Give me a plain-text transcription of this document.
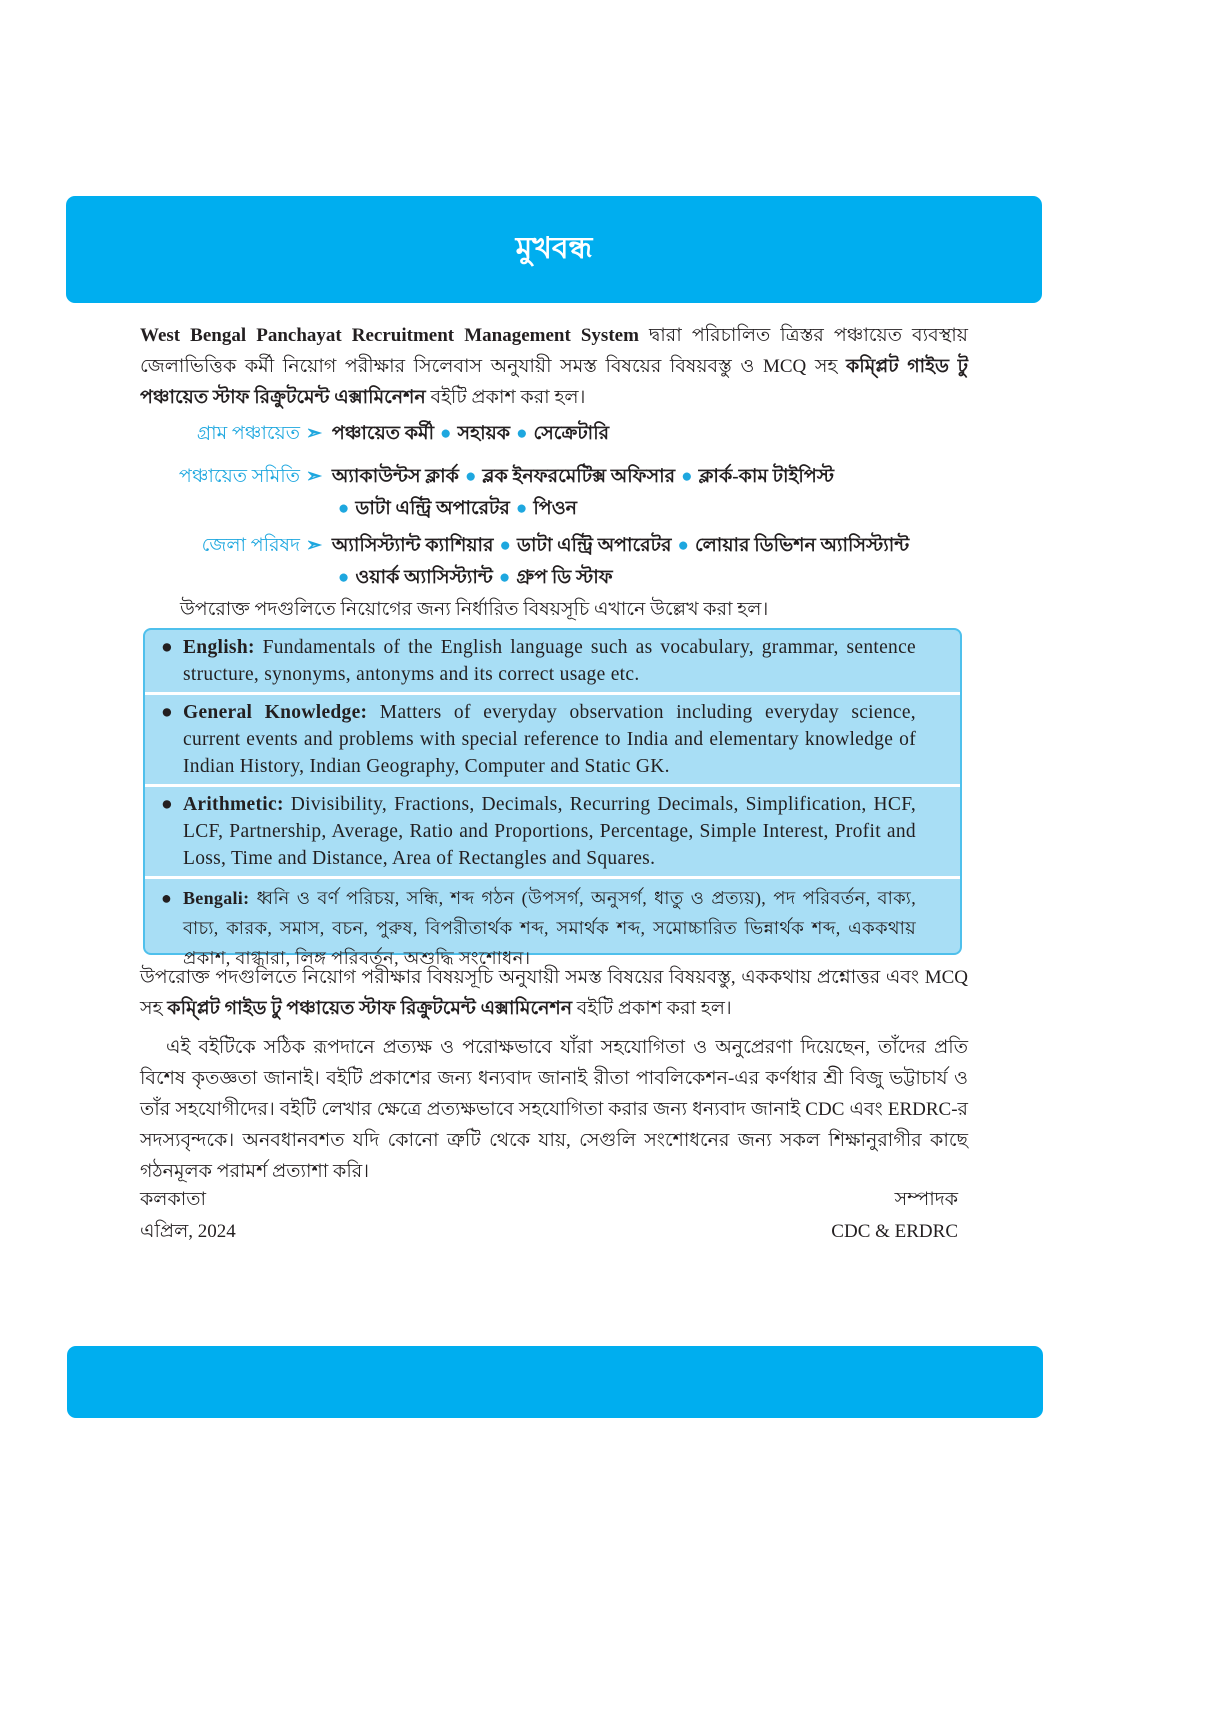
মুখবন্ধ
West Bengal Panchayat Recruitment Management System দ্বারা পরিচালিত ত্রিস্তর পঞ্চায়েত ব্যবস্থায় জেলাভিত্তিক কর্মী নিয়োগ পরীক্ষার সিলেবাস অনুযায়ী সমস্ত বিষয়ের বিষয়বস্তু ও MCQ সহ কম্প্লিট গাইড টু পঞ্চায়েত স্টাফ রিক্রুটমেন্ট এক্সামিনেশন বইটি প্রকাশ করা হল।
গ্রাম পঞ্চায়েত ➣ পঞ্চায়েত কর্মী ● সহায়ক ● সেক্রেটারি
পঞ্চায়েত সমিতি ➣ অ্যাকাউন্টস ক্লার্ক ● ব্লক ইনফরমেটিক্স অফিসার ● ক্লার্ক-কাম টাইপিস্ট
● ডাটা এন্ট্রি অপারেটর ● পিওন
জেলা পরিষদ ➣ অ্যাসিস্ট্যান্ট ক্যাশিয়ার ● ডাটা এন্ট্রি অপারেটর ● লোয়ার ডিভিশন অ্যাসিস্ট্যান্ট
● ওয়ার্ক অ্যাসিস্ট্যান্ট ● গ্রুপ ডি স্টাফ
উপরোক্ত পদগুলিতে নিয়োগের জন্য নির্ধারিত বিষয়সূচি এখানে উল্লেখ করা হল।
● English: Fundamentals of the English language such as vocabulary, grammar, sentence structure, synonyms, antonyms and its correct usage etc.
● General Knowledge: Matters of everyday observation including everyday science, current events and problems with special reference to India and elementary knowledge of Indian History, Indian Geography, Computer and Static GK.
● Arithmetic: Divisibility, Fractions, Decimals, Recurring Decimals, Simplification, HCF, LCF, Partnership, Average, Ratio and Proportions, Percentage, Simple Interest, Profit and Loss, Time and Distance, Area of Rectangles and Squares.
● Bengali: ধ্বনি ও বর্ণ পরিচয়, সন্ধি, শব্দ গঠন (উপসর্গ, অনুসর্গ, ধাতু ও প্রত্যয়), পদ পরিবর্তন, বাক্য, বাচ্য, কারক, সমাস, বচন, পুরুষ, বিপরীতার্থক শব্দ, সমার্থক শব্দ, সমোচ্চারিত ভিন্নার্থক শব্দ, এককথায় প্রকাশ, বাগ্ধারা, লিঙ্গ পরিবর্তন, অশুদ্ধি সংশোধন।
উপরোক্ত পদগুলিতে নিয়োগ পরীক্ষার বিষয়সূচি অনুযায়ী সমস্ত বিষয়ের বিষয়বস্তু, এককথায় প্রশ্নোত্তর এবং MCQ সহ কম্প্লিট গাইড টু পঞ্চায়েত স্টাফ রিক্রুটমেন্ট এক্সামিনেশন বইটি প্রকাশ করা হল।
এই বইটিকে সঠিক রূপদানে প্রত্যক্ষ ও পরোক্ষভাবে যাঁরা সহযোগিতা ও অনুপ্রেরণা দিয়েছেন, তাঁদের প্রতি বিশেষ কৃতজ্ঞতা জানাই। বইটি প্রকাশের জন্য ধন্যবাদ জানাই রীতা পাবলিকেশন-এর কর্ণধার শ্রী বিজু ভট্টাচার্য ও তাঁর সহযোগীদের। বইটি লেখার ক্ষেত্রে প্রত্যক্ষভাবে সহযোগিতা করার জন্য ধন্যবাদ জানাই CDC এবং ERDRC-র সদস্যবৃন্দকে। অনবধানবশত যদি কোনো ত্রুটি থেকে যায়, সেগুলি সংশোধনের জন্য সকল শিক্ষানুরাগীর কাছে গঠনমূলক পরামর্শ প্রত্যাশা করি।
কলকাতা
এপ্রিল, 2024
সম্পাদক
CDC & ERDRC
